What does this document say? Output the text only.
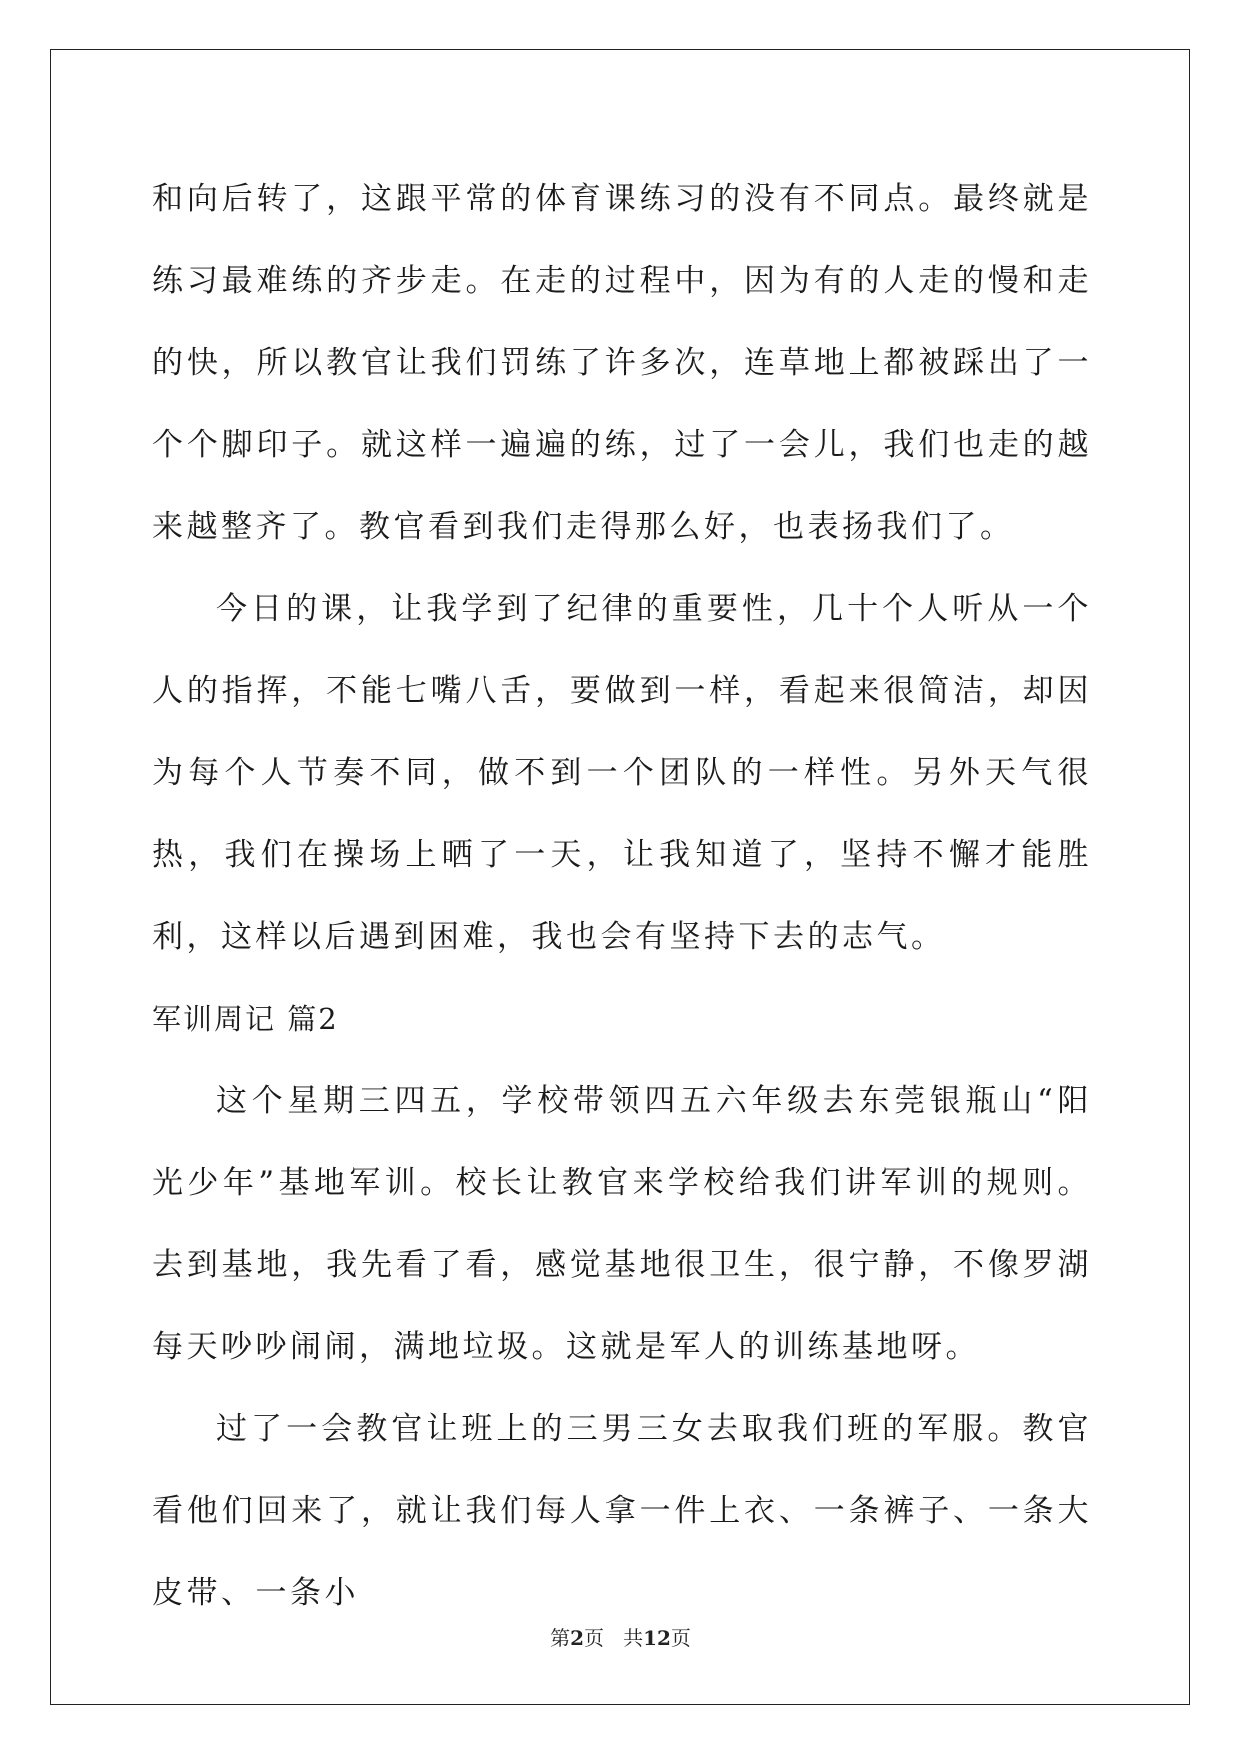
和向后转了，这跟平常的体育课练习的没有不同点。最终就是练习最难练的齐步走。在走的过程中，因为有的人走的慢和走的快，所以教官让我们罚练了许多次，连草地上都被踩出了一个个脚印子。就这样一遍遍的练，过了一会儿，我们也走的越来越整齐了。教官看到我们走得那么好，也表扬我们了。

今日的课，让我学到了纪律的重要性，几十个人听从一个人的指挥，不能七嘴八舌，要做到一样，看起来很简洁，却因为每个人节奏不同，做不到一个团队的一样性。另外天气很热，我们在操场上晒了一天，让我知道了，坚持不懈才能胜利，这样以后遇到困难，我也会有坚持下去的志气。

军训周记 篇2

这个星期三四五，学校带领四五六年级去东莞银瓶山“阳光少年”基地军训。校长让教官来学校给我们讲军训的规则。去到基地，我先看了看，感觉基地很卫生，很宁静，不像罗湖每天吵吵闹闹，满地垃圾。这就是军人的训练基地呀。

过了一会教官让班上的三男三女去取我们班的军服。教官看他们回来了，就让我们每人拿一件上衣、一条裤子、一条大皮带、一条小

第2页 共12页
